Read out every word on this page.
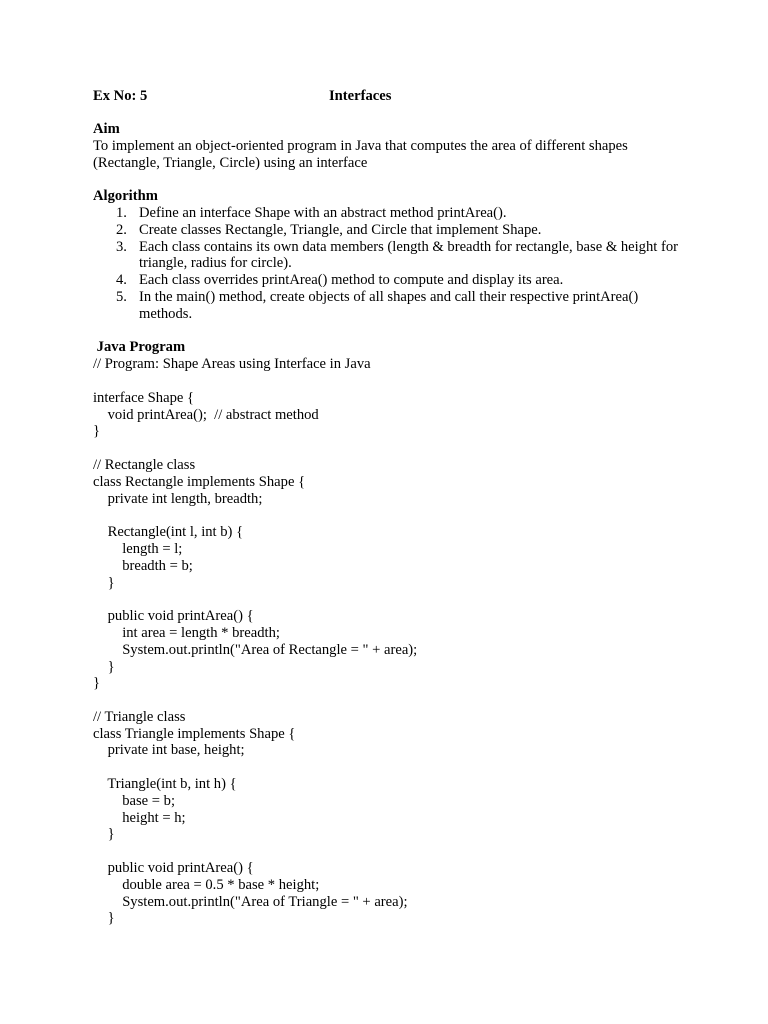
Ex No: 5	Interfaces
Aim

To implement an object-oriented program in Java that computes the area of different shapes (Rectangle, Triangle, Circle) using an interface

Algorithm
1. Define an interface Shape with an abstract method printArea().
2. Create classes Rectangle, Triangle, and Circle that implement Shape.
3. Each class contains its own data members (length & breadth for rectangle, base & height for triangle, radius for circle).
4. Each class overrides printArea() method to compute and display its area.
5. In the main() method, create objects of all shapes and call their respective printArea() methods.
Java Program
// Program: Shape Areas using Interface in Java
interface Shape {
void printArea();  // abstract method
}
// Rectangle class
class Rectangle implements Shape {
private int length, breadth;
Rectangle(int l, int b) {
length = l;
breadth = b;
}
public void printArea() {
int area = length * breadth;
System.out.println("Area of Rectangle = " + area);
}
}
// Triangle class
class Triangle implements Shape {
private int base, height;
Triangle(int b, int h) {
base = b;
height = h;
}
public void printArea() {
double area = 0.5 * base * height;
System.out.println("Area of Triangle = " + area);
}
